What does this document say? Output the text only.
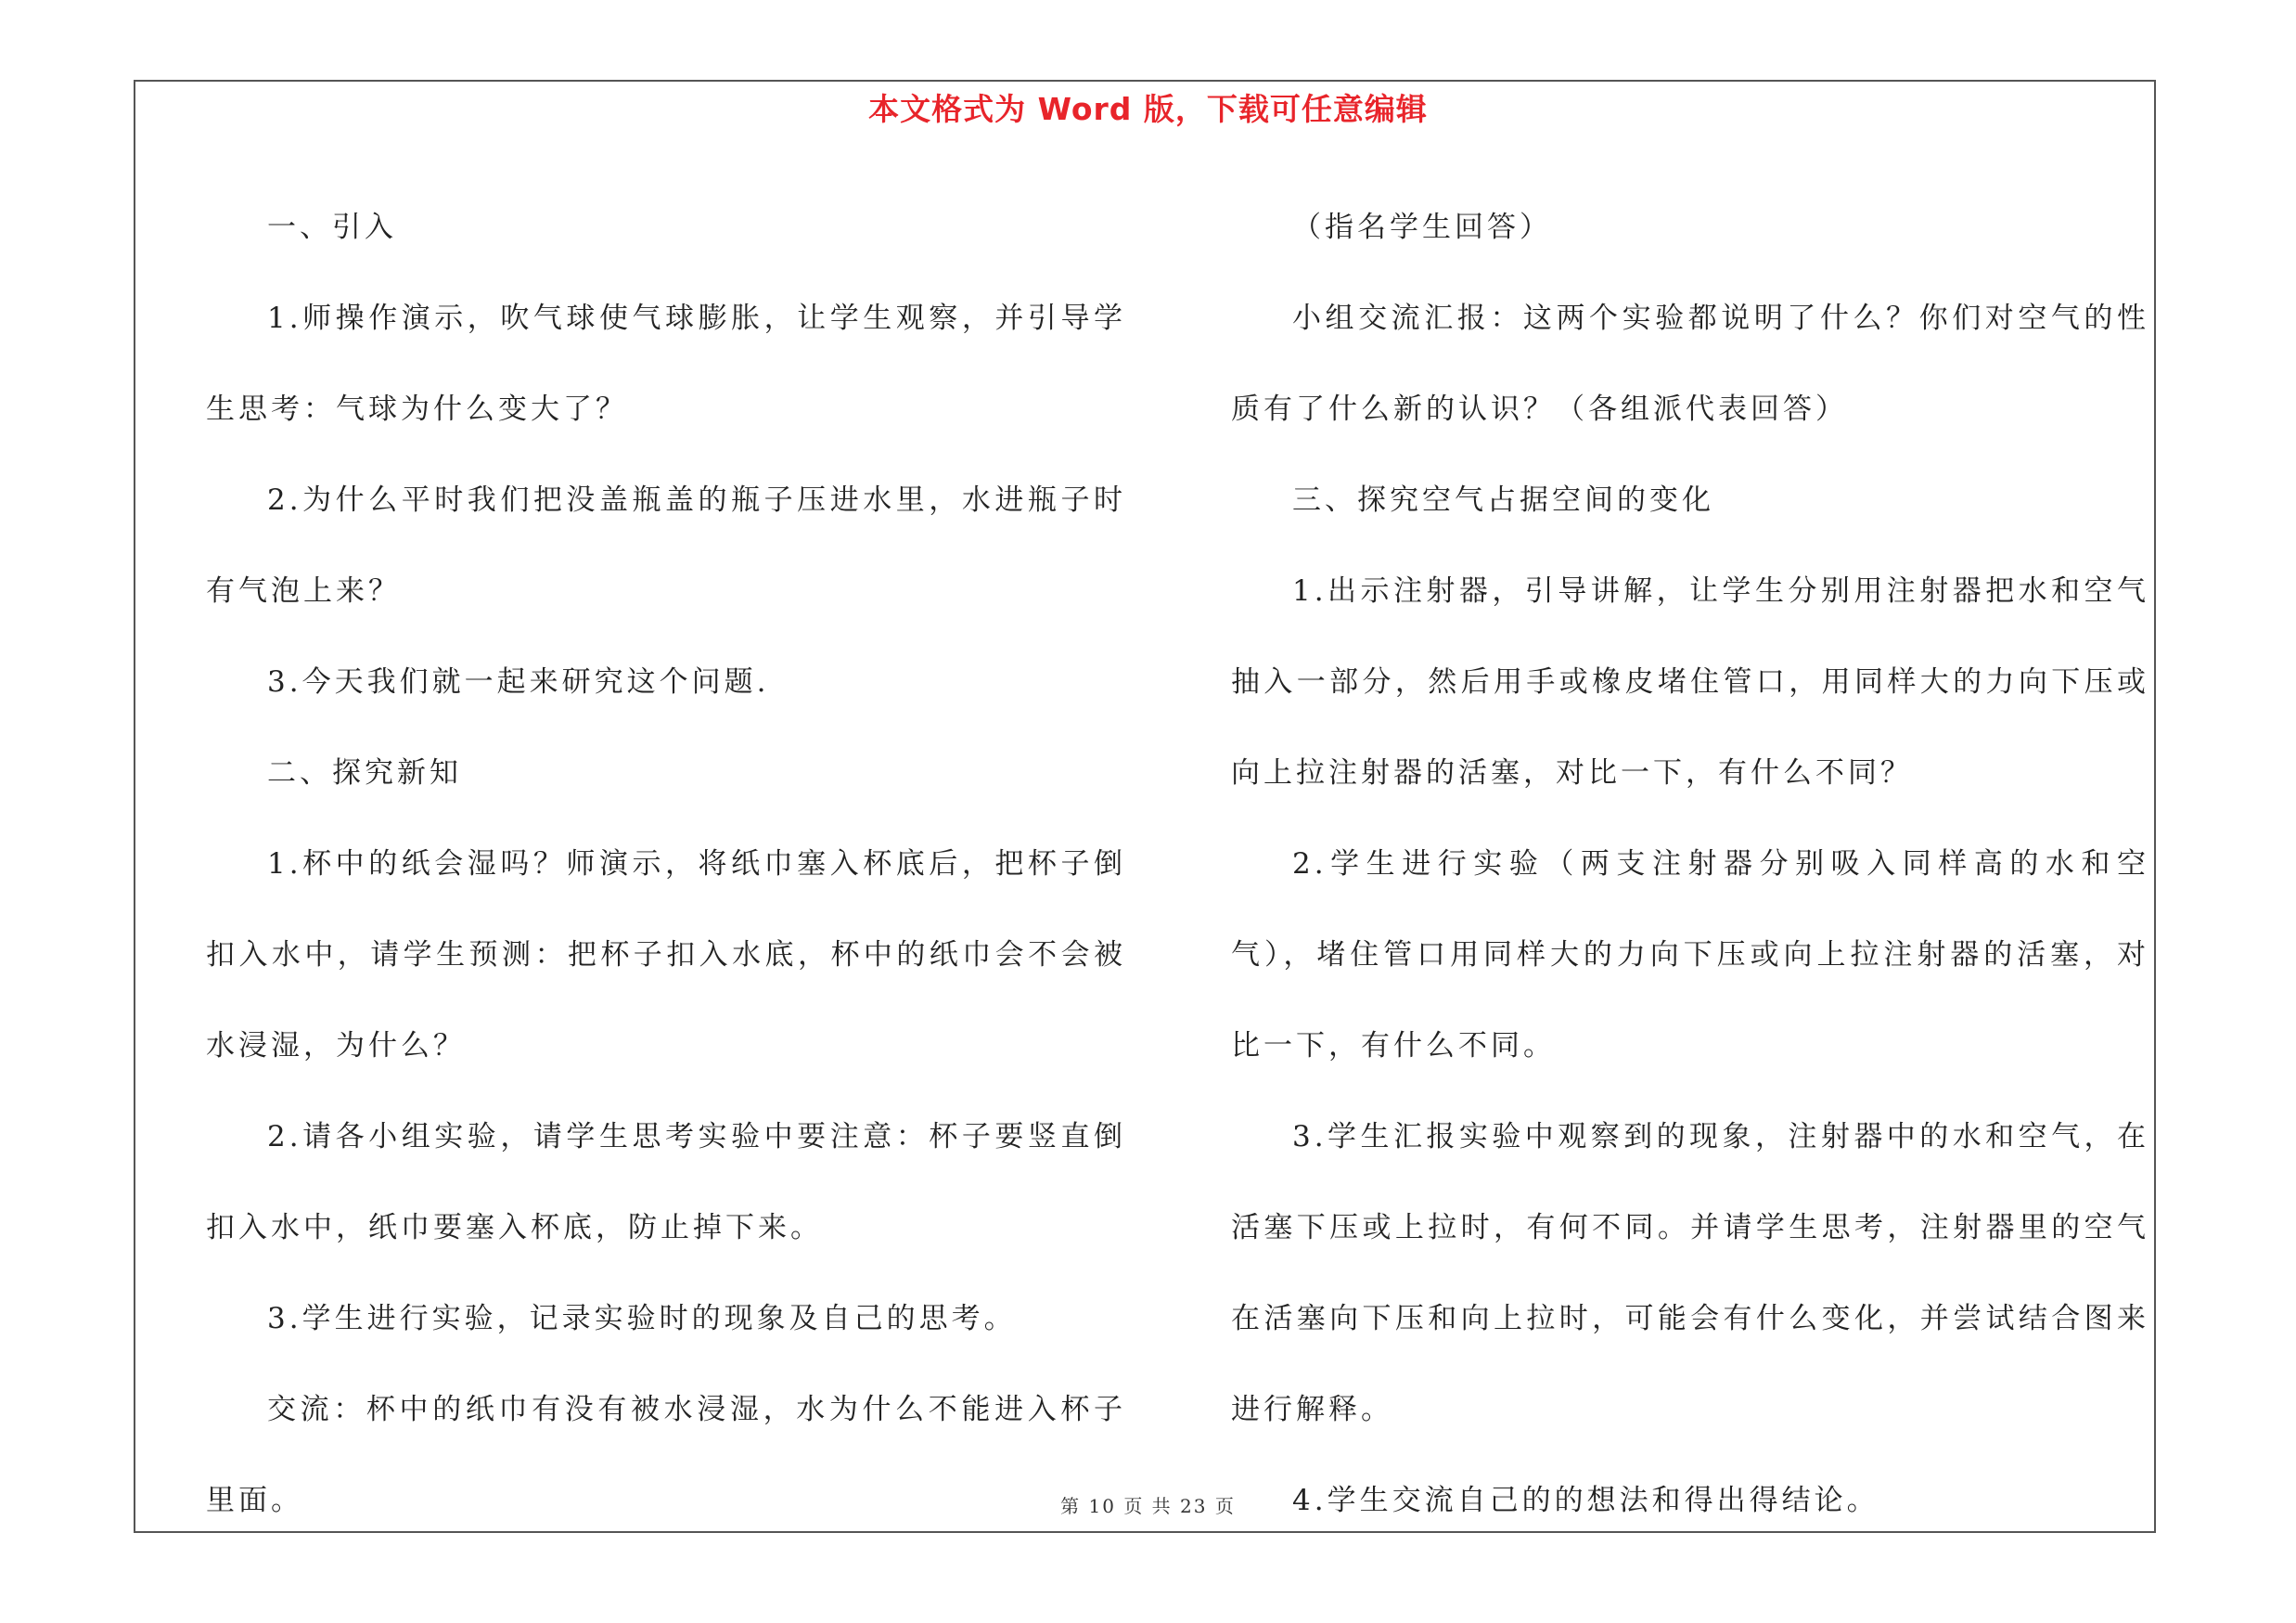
本文格式为 Word 版，下载可任意编辑

一、引入

1.师操作演示，吹气球使气球膨胀，让学生观察，并引导学生思考：气球为什么变大了？

2.为什么平时我们把没盖瓶盖的瓶子压进水里，水进瓶子时有气泡上来？

3.今天我们就一起来研究这个问题.

二、探究新知

1.杯中的纸会湿吗？师演示，将纸巾塞入杯底后，把杯子倒扣入水中，请学生预测：把杯子扣入水底，杯中的纸巾会不会被水浸湿，为什么？

2.请各小组实验，请学生思考实验中要注意：杯子要竖直倒扣入水中，纸巾要塞入杯底，防止掉下来。

3.学生进行实验，记录实验时的现象及自己的思考。

交流：杯中的纸巾有没有被水浸湿，水为什么不能进入杯子里面。

（指名学生回答）

小组交流汇报：这两个实验都说明了什么？你们对空气的性质有了什么新的认识？（各组派代表回答）

三、探究空气占据空间的变化

1.出示注射器，引导讲解，让学生分别用注射器把水和空气抽入一部分，然后用手或橡皮堵住管口，用同样大的力向下压或向上拉注射器的活塞，对比一下，有什么不同？

2.学生进行实验（两支注射器分别吸入同样高的水和空气），堵住管口用同样大的力向下压或向上拉注射器的活塞，对比一下，有什么不同。

3.学生汇报实验中观察到的现象，注射器中的水和空气，在活塞下压或上拉时，有何不同。并请学生思考，注射器里的空气在活塞向下压和向上拉时，可能会有什么变化，并尝试结合图来进行解释。

4.学生交流自己的的想法和得出得结论。

第 10 页 共 23 页
